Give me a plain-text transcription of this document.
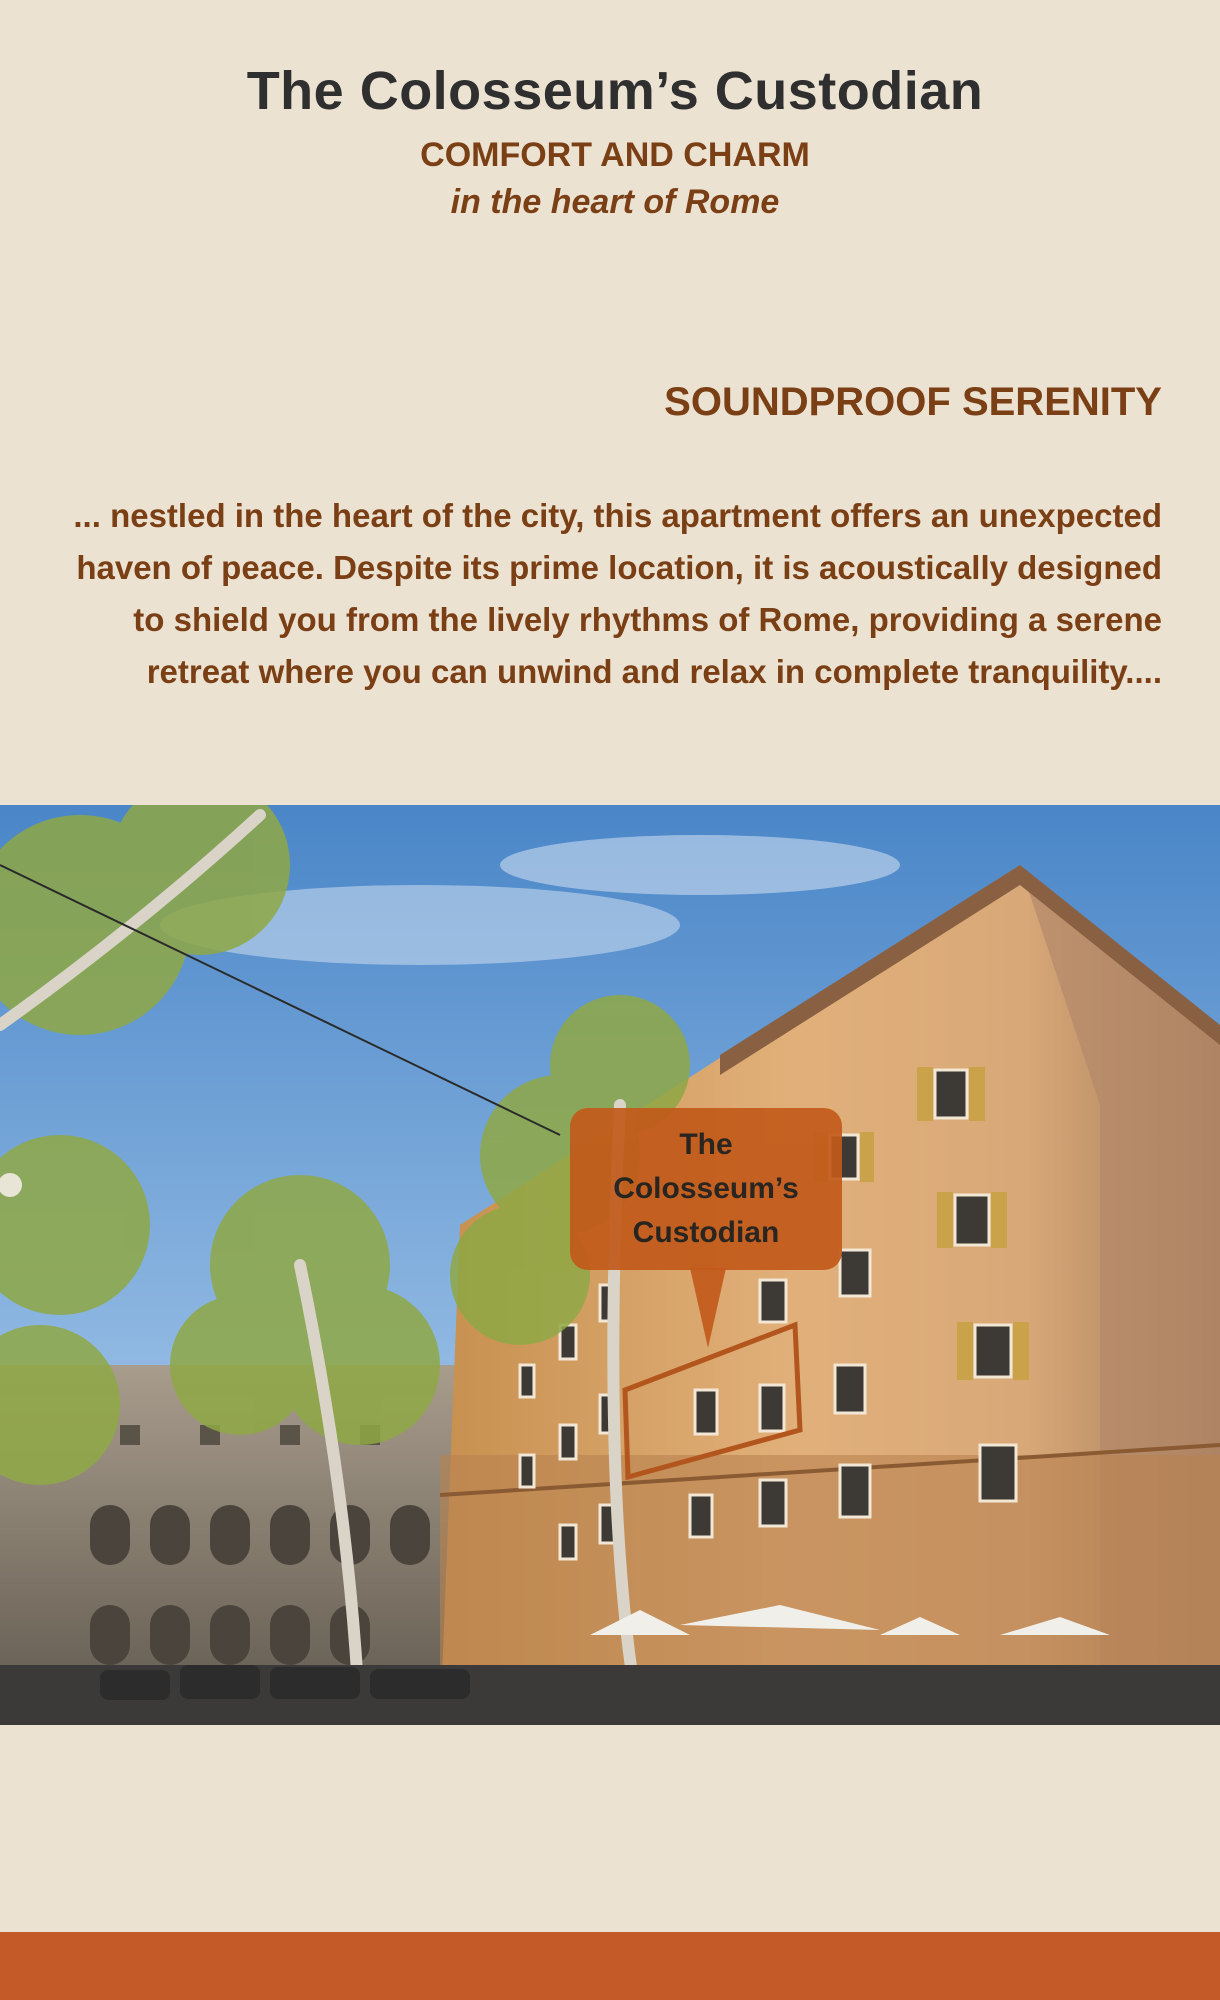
The Colosseum’s Custodian
COMFORT AND CHARM
in the heart of Rome
SOUNDPROOF SERENITY
... nestled in the heart of the city, this apartment offers an unexpected haven of peace. Despite its prime location, it is acoustically designed to shield you from the lively rhythms of Rome, providing a serene retreat where you can unwind and relax in complete tranquility....
The
Colosseum’s
Custodian
